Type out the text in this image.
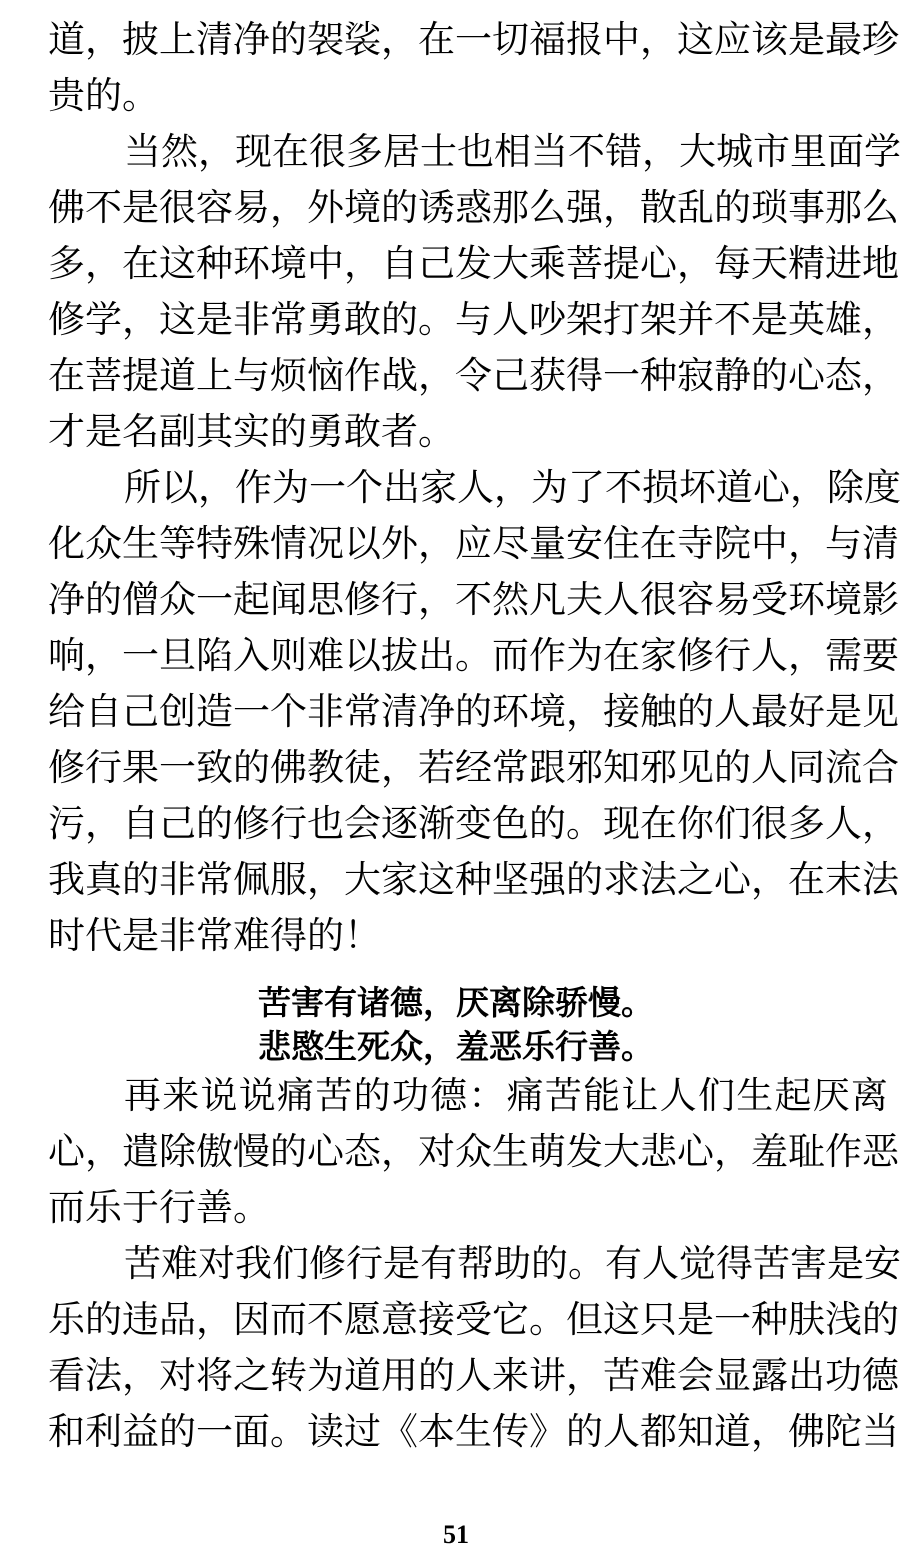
道，披上清净的袈裟，在一切福报中，这应该是最珍
贵的。
当然，现在很多居士也相当不错，大城市里面学
佛不是很容易，外境的诱惑那么强，散乱的琐事那么
多，在这种环境中，自己发大乘菩提心，每天精进地
修学，这是非常勇敢的。与人吵架打架并不是英雄，
在菩提道上与烦恼作战，令己获得一种寂静的心态，
才是名副其实的勇敢者。
所以，作为一个出家人，为了不损坏道心，除度
化众生等特殊情况以外，应尽量安住在寺院中，与清
净的僧众一起闻思修行，不然凡夫人很容易受环境影
响，一旦陷入则难以拔出。而作为在家修行人，需要
给自己创造一个非常清净的环境，接触的人最好是见
修行果一致的佛教徒，若经常跟邪知邪见的人同流合
污，自己的修行也会逐渐变色的。现在你们很多人，
我真的非常佩服，大家这种坚强的求法之心，在末法
时代是非常难得的！
苦害有诸德，厌离除骄慢。
悲愍生死众，羞恶乐行善。
再来说说痛苦的功德：痛苦能让人们生起厌离
心，遣除傲慢的心态，对众生萌发大悲心，羞耻作恶
而乐于行善。
苦难对我们修行是有帮助的。有人觉得苦害是安
乐的违品，因而不愿意接受它。但这只是一种肤浅的
看法，对将之转为道用的人来讲，苦难会显露出功德
和利益的一面。读过《本生传》的人都知道，佛陀当
51
